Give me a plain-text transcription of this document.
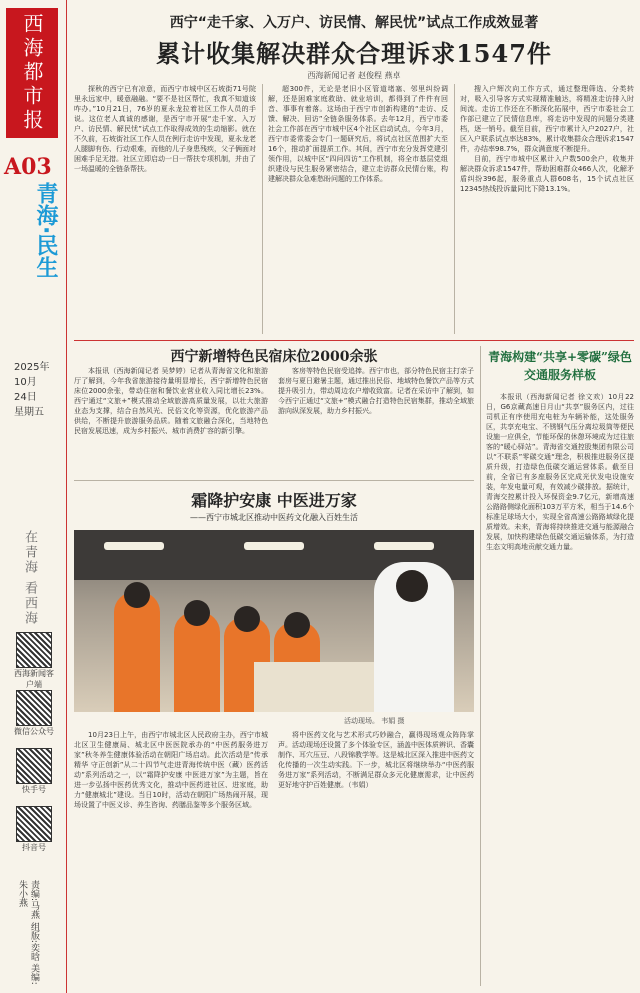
西海都市报
A03
青海·民生
2025年
10月
24日
星期五
在青海 看西海
西海新闻客户端
微信公众号
快手号
抖音号
责编:马燕 组版:奕晗 美编:朱小燕
西宁“走千家、入万户、访民情、解民忧”试点工作成效显著
累计收集解决群众合理诉求1547件
西海新闻记者 赵俊程 燕卓

探秋的西宁已有凉意，而西宁市城中区石坡街71号院里永远家中，暖意融融。“要不是社区帮忙，我真不知道该咋办。”10月21日，76岁的夏永龙拉着社区工作人员的手说。这位老人真诚的感谢，是西宁市开展“走千家、入万户、访民情、解民忧”试点工作取得成效的生动缩影。就在不久前，石坡街社区工作人员在例行走访中发现，夏永龙老人腿脚有伤、行动艰难，而他的儿子身患残疾，父子俩面对困难手足无措。社区立即启动一日一帮扶专项机制，并由了一场温暖的全链条帮扶。

超300件，无论是老旧小区管道堵塞、邻里纠纷调解，还是困难家庭救助、就业培训，都得到了件件有回音、事事有着落。这场由于西宁市创新构建的“走访、反馈、解决、回访”全链条服务体系。去年12月，西宁市委社会工作部在西宁市城中区4个社区启动试点，今年3月，西宁市委常委会专门一题研究后，将试点社区范围扩大至16个，推动扩面提质工作。其间，西宁市充分发挥党建引领作用，以城中区“四问四访”工作机制，将全市基层党组织建设与民生服务紧密结合，建立走访群众民情台账，构建解决群众急难愁盼问题的工作体系。

搜入户辉次向工作方式，通过整理筛选、分类转对，吸入引导客方式实现精准触达，将精准走访排入时间流。走访工作还在不断深化拓展中，西宁市委社会工作部已建立了民情信息库，将走访中发现的问题分类建档，逐一销号。截至目前，西宁市累计入户2027户，社区入户联系试点率达83%，累计收集群众合理诉求1547件，办结率98.7%，群众满意度不断提升。

目前，西宁市城中区累计入户数500余户，收集并解决群众诉求1547件，帮助困难群众466人次，化解矛盾纠纷396起，服务重点人群608名，15个试点社区12345热线投诉量同比下降13.1%。

西宁新增特色民宿床位2000余张

本报讯（西海新闻记者 吴梦婷）记者从青海省文化和旅游厅了解到，今年我省旅游接待量明显增长，西宁新增特色民宿床位2000余张，带动住宿和餐饮业营业收入同比增长23%。西宁通过“文旅+”模式推动全域旅游高质量发展，以壮大旅游业态为支撑，结合自然风光、民俗文化等资源，优化旅游产品供给，不断提升旅游服务品质。随着文旅融合深化，当地特色民宿发展迅速，成为乡村振兴、城市消费扩容的新引擎。

客房等特色民宿受追捧。西宁市也，部分特色民宿主打亲子套房与夏日避暑主题，通过推出民俗、地域特色餐饮产品等方式提升吸引力，带动周边农户增收致富。记者在采访中了解到，如今西宁正通过“文旅+”模式融合打造特色民宿集群，推动全域旅游向纵深发展，助力乡村振兴。

霜降护安康 中医进万家
——西宁市城北区推动中医药文化融入百姓生活
活动现场。 韦娟 摄

10月23日上午，由西宁市城北区人民政府主办，西宁市城北区卫生健康局、城北区中医医院承办的“中医药服务进万家”秋冬养生健康体验活动在朝阳广场启动。此次活动是“传承精华 守正创新”从二十四节气走进青海传统中医（藏）医药活动”系列活动之一，以“霜降护安康 中医进万家”为主题，旨在进一步弘扬中医药优秀文化，推动中医药进社区、进家庭，助力“健康城北”建设。当日10时，活动在朝阳广场热闹开展，现场设置了中医义诊、养生咨询、药膳品鉴等多个服务区域。

将中医药文化与艺术形式巧妙融合，赢得现场观众阵阵掌声。活动现场还设置了多个体验专区，涵盖中医体质辨识、香囊制作、耳穴压豆、八段锦教学等。这是城北区深入推进中医药文化传播的一次生动实践。下一步，城北区将继续举办“中医药服务进万家”系列活动，不断满足群众多元化健康需求，让中医药更好地守护百姓健康。（韦娟）

青海构建“共享+零碳”绿色交通服务样板

本报讯（西海新闻记者 徐文欢）10月22日，G6京藏高速日月山“共享”服务区内，过往司机正有序使用充电桩为车辆补能，这处服务区，共享充电宝、不锈钢气压分离垃圾筒等便民设施一应俱全，节能环保的休憩环境成为过往旅客的“暖心驿站”。青海省交通控股集团有限公司以“不联系”零碳交通“理念，积极推进服务区提质升级，打造绿色低碳交通运营体系。截至目前，全省已有多座服务区完成光伏发电设施安装，年发电量可观，有效减少碳排放。据统计，青海交控累计投入环保资金9.7亿元，新增高速公路路侧绿化面积103万平方米，相当于14.6个标准足球场大小，实现全省高速公路路域绿化提质增效。未来，青海将持续推进交通与能源融合发展，加快构建绿色低碳交通运输体系，为打造生态文明高地贡献交通力量。
